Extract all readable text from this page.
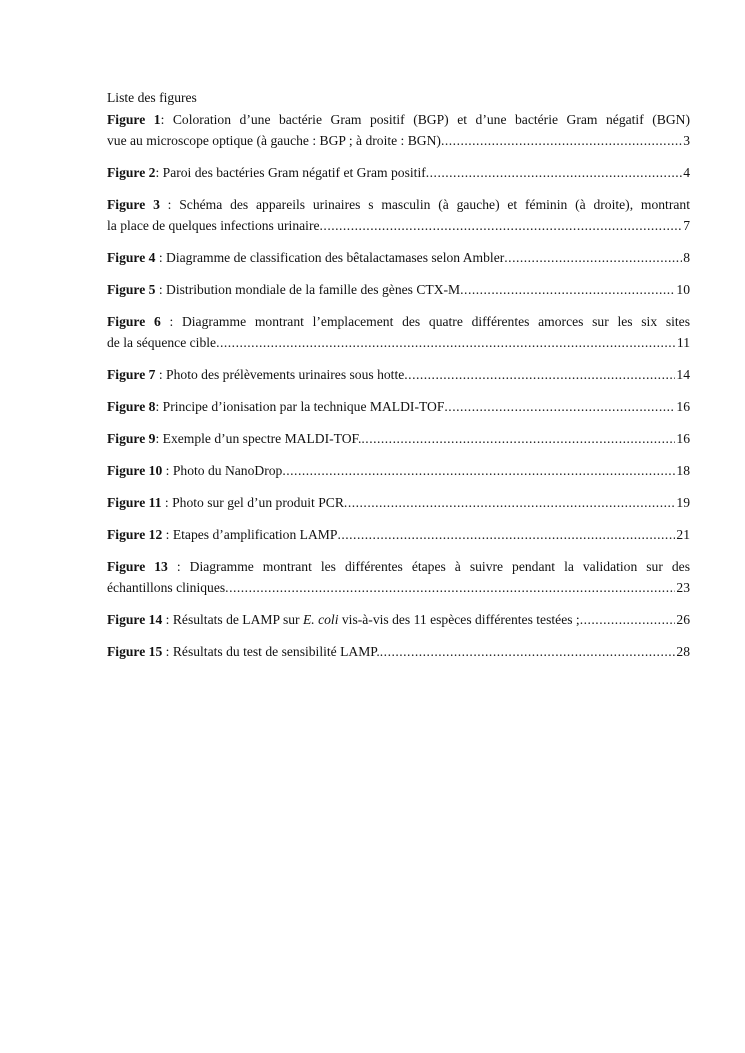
Liste des figures
Figure 1: Coloration d’une bactérie Gram positif (BGP) et d’une bactérie Gram négatif (BGN)
vue au microscope optique (à gauche : BGP ; à droite : BGN) .....	3
Figure 2: Paroi des bactéries Gram négatif et Gram positif .....	4
Figure 3 : Schéma des appareils urinaires s masculin (à gauche) et féminin (à droite), montrant
la place de quelques infections urinaire .....	7
Figure 4 : Diagramme de classification des bêtalactamases selon Ambler .....	8
Figure 5 : Distribution mondiale de la famille des gènes CTX-M .....	10
Figure 6 : Diagramme montrant l’emplacement des quatre différentes amorces sur les six sites
de la séquence cible .....	11
Figure 7 : Photo des prélèvements urinaires sous hotte .....	14
Figure 8: Principe d’ionisation par la technique MALDI-TOF .....	16
Figure 9: Exemple d’un spectre MALDI-TOF. .....	16
Figure 10 : Photo du NanoDrop .....	18
Figure 11 : Photo sur gel d’un produit PCR .....	19
Figure 12 : Etapes d’amplification LAMP .....	21
Figure 13 : Diagramme montrant les différentes étapes à suivre pendant la validation sur des
échantillons cliniques .....	23
Figure 14 : Résultats de LAMP sur E. coli vis-à-vis des 11 espèces différentes testées ; .....	26
Figure 15 : Résultats du test de sensibilité LAMP. .....	28
